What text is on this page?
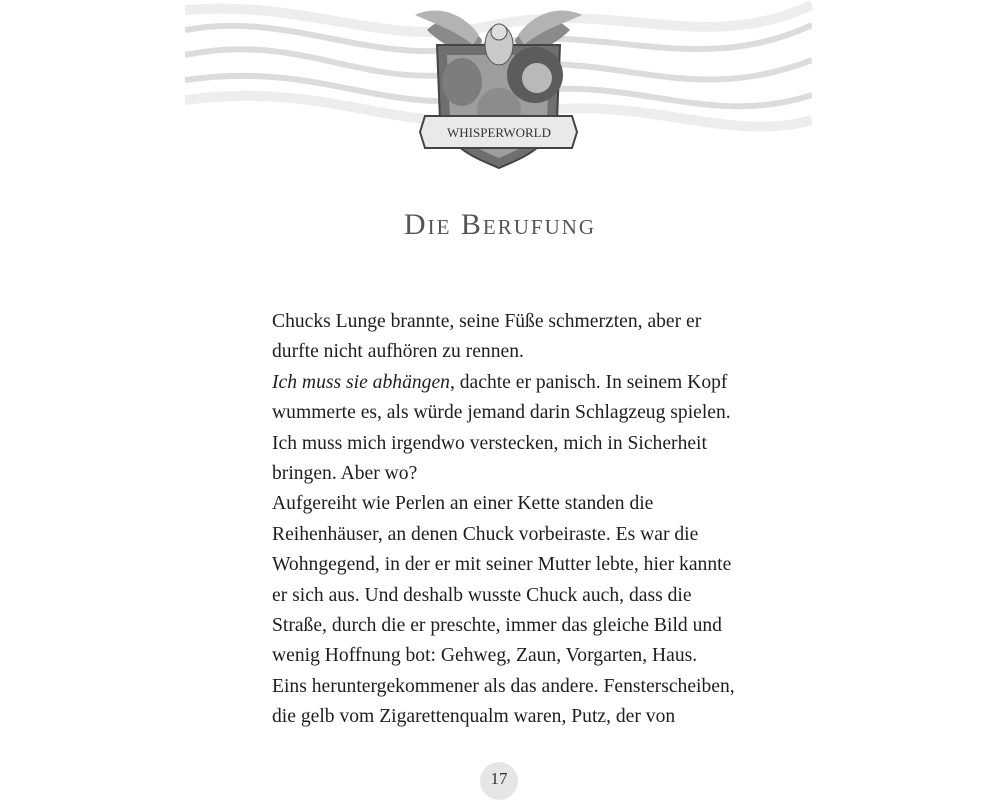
WHISPERWORLD
Die Berufung
Chucks Lunge brannte, seine Füße schmerzten, aber er
durfte nicht aufhören zu rennen.
Ich muss sie abhängen, dachte er panisch. In seinem Kopf
wummerte es, als würde jemand darin Schlagzeug spielen.
Ich muss mich irgendwo verstecken, mich in Sicherheit
bringen. Aber wo?
Aufgereiht wie Perlen an einer Kette standen die
Reihenhäuser, an denen Chuck vorbeiraste. Es war die
Wohngegend, in der er mit seiner Mutter lebte, hier kannte
er sich aus. Und deshalb wusste Chuck auch, dass die
Straße, durch die er preschte, immer das gleiche Bild und
wenig Hoffnung bot: Gehweg, Zaun, Vorgarten, Haus.
Eins heruntergekommener als das andere. Fensterscheiben,
die gelb vom Zigarettenqualm waren, Putz, der von
17
